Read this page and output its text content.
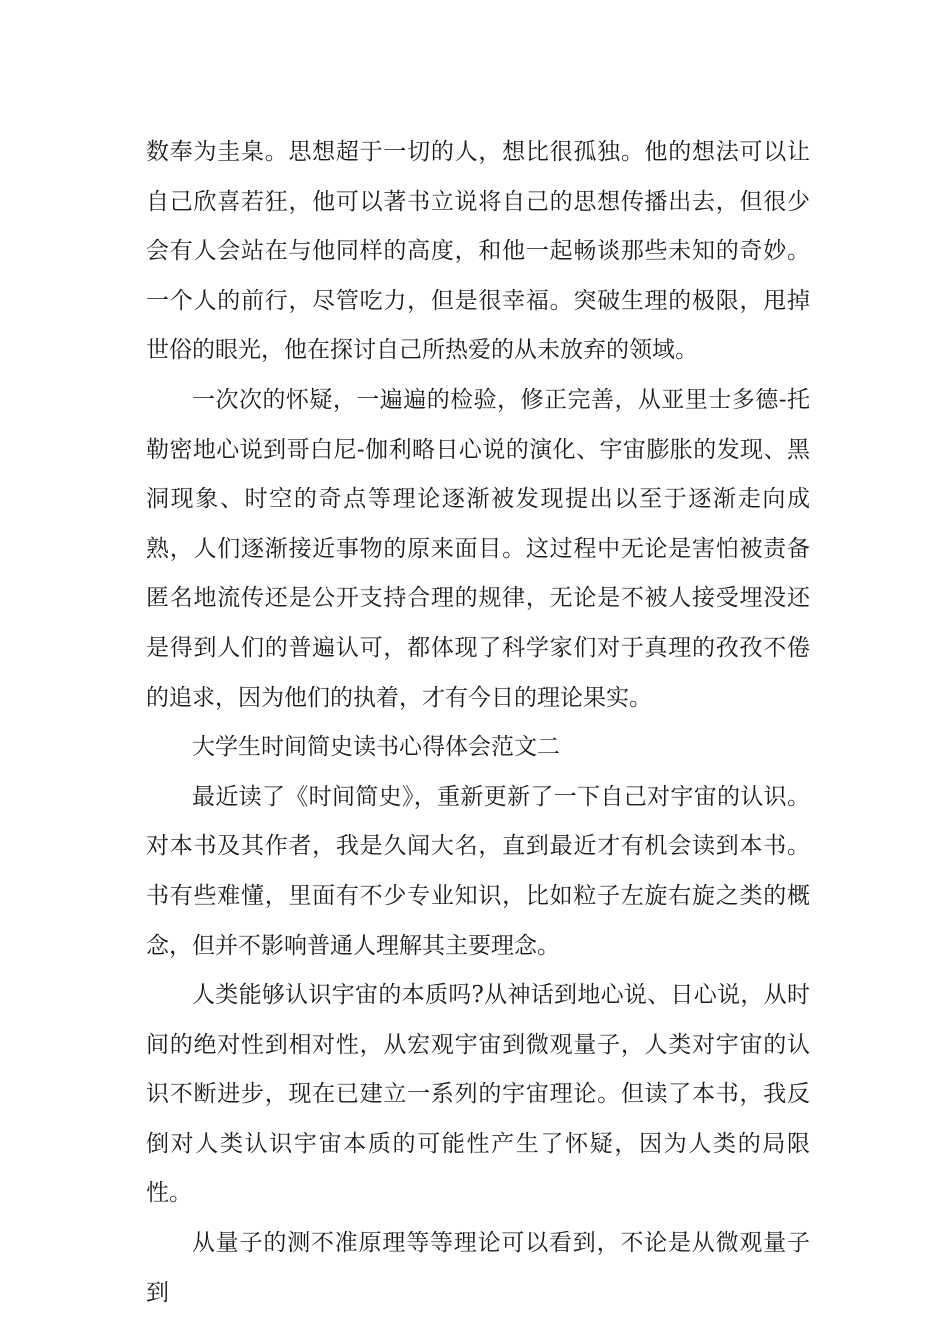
数奉为圭臬。思想超于一切的人，想比很孤独。他的想法可以让自己欣喜若狂，他可以著书立说将自己的思想传播出去，但很少会有人会站在与他同样的高度，和他一起畅谈那些未知的奇妙。一个人的前行，尽管吃力，但是很幸福。突破生理的极限，甩掉世俗的眼光，他在探讨自己所热爱的从未放弃的领域。

一次次的怀疑，一遍遍的检验，修正完善，从亚里士多德-托勒密地心说到哥白尼-伽利略日心说的演化、宇宙膨胀的发现、黑洞现象、时空的奇点等理论逐渐被发现提出以至于逐渐走向成熟，人们逐渐接近事物的原来面目。这过程中无论是害怕被责备匿名地流传还是公开支持合理的规律，无论是不被人接受埋没还是得到人们的普遍认可，都体现了科学家们对于真理的孜孜不倦的追求，因为他们的执着，才有今日的理论果实。

大学生时间简史读书心得体会范文二

最近读了《时间简史》，重新更新了一下自己对宇宙的认识。对本书及其作者，我是久闻大名，直到最近才有机会读到本书。书有些难懂，里面有不少专业知识，比如粒子左旋右旋之类的概念，但并不影响普通人理解其主要理念。

人类能够认识宇宙的本质吗?从神话到地心说、日心说，从时间的绝对性到相对性，从宏观宇宙到微观量子，人类对宇宙的认识不断进步，现在已建立一系列的宇宙理论。但读了本书，我反倒对人类认识宇宙本质的可能性产生了怀疑，因为人类的局限性。

从量子的测不准原理等等理论可以看到，不论是从微观量子到
